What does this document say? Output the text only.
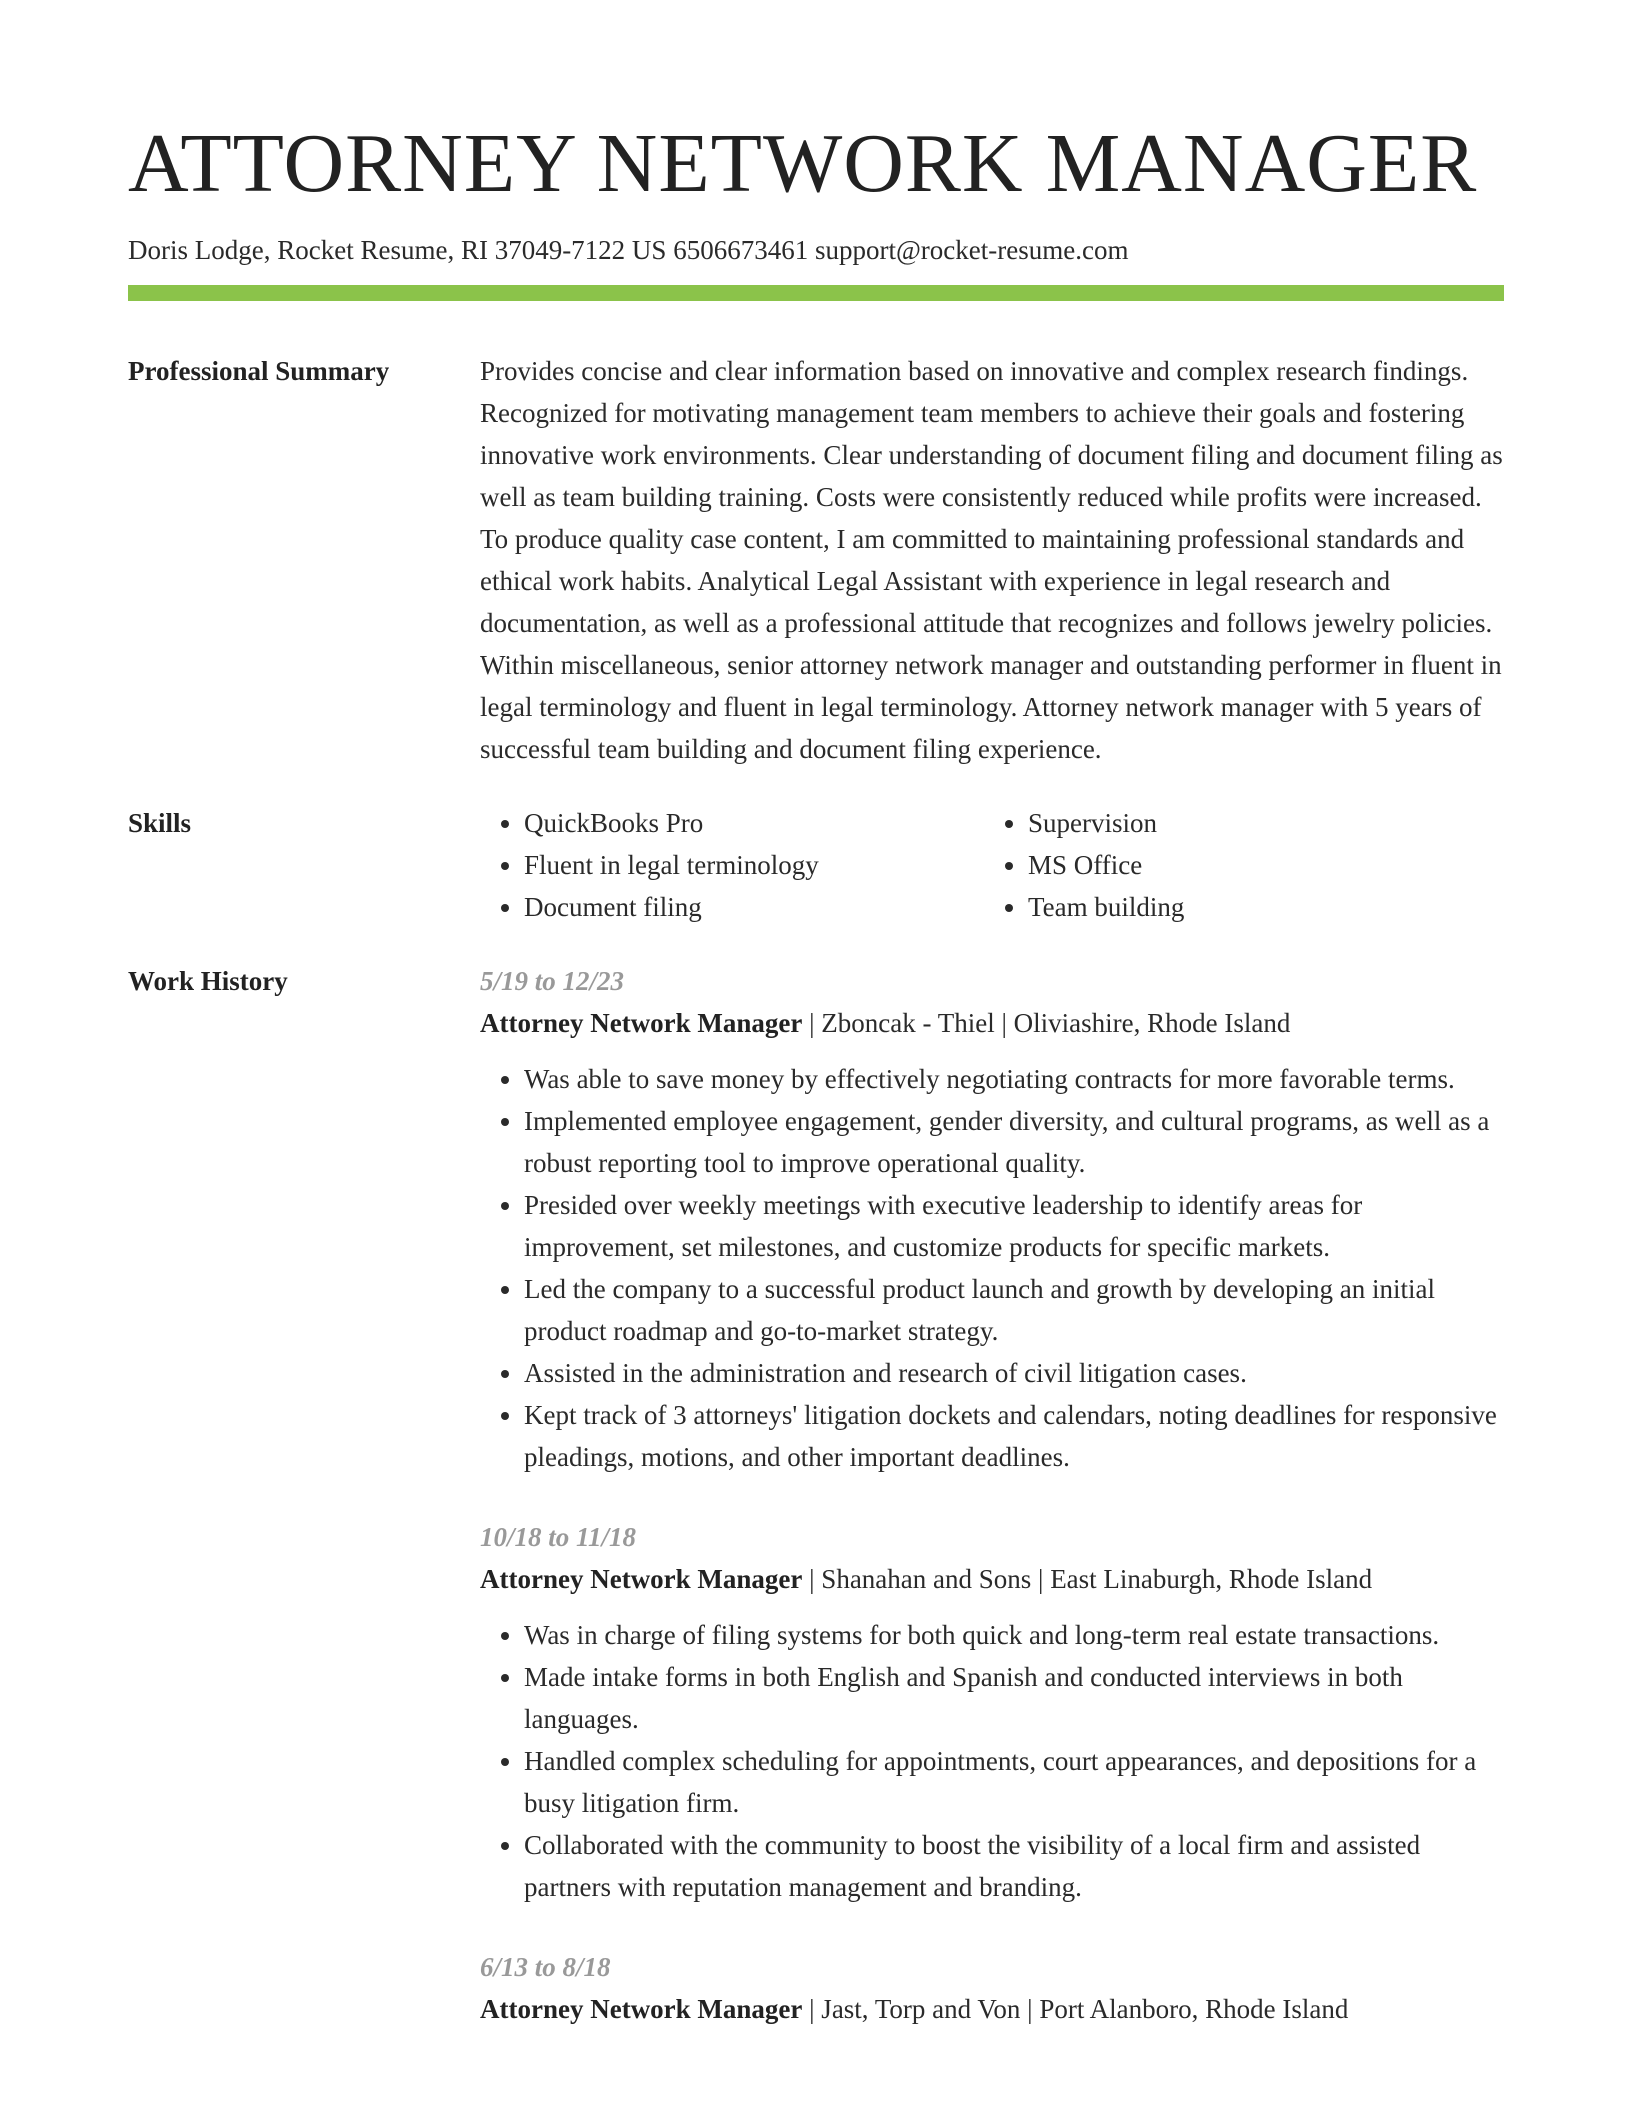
ATTORNEY NETWORK MANAGER
Doris Lodge, Rocket Resume, RI 37049-7122 US 6506673461 support@rocket-resume.com
Professional Summary	Provides concise and clear information based on innovative and complex research findings. Recognized for motivating management team members to achieve their goals and fostering innovative work environments. Clear understanding of document filing and document filing as well as team building training. Costs were consistently reduced while profits were increased. To produce quality case content, I am committed to maintaining professional standards and ethical work habits. Analytical Legal Assistant with experience in legal research and documentation, as well as a professional attitude that recognizes and follows jewelry policies. Within miscellaneous, senior attorney network manager and outstanding performer in fluent in legal terminology and fluent in legal terminology. Attorney network manager with 5 years of successful team building and document filing experience.

Skills
•	QuickBooks Pro
• Fluent in legal terminology
• Document filing
• Supervision
• MS Office
• Team building
Work History	5/19 to 12/23
Attorney Network Manager | Zboncak - Thiel | Oliviashire, Rhode Island
• Was able to save money by effectively negotiating contracts for more favorable terms.
• Implemented employee engagement, gender diversity, and cultural programs, as well as a robust reporting tool to improve operational quality.
• Presided over weekly meetings with executive leadership to identify areas for improvement, set milestones, and customize products for specific markets.
• Led the company to a successful product launch and growth by developing an initial product roadmap and go-to-market strategy.
• Assisted in the administration and research of civil litigation cases.
• Kept track of 3 attorneys' litigation dockets and calendars, noting deadlines for responsive pleadings, motions, and other important deadlines.
10/18 to 11/18
Attorney Network Manager | Shanahan and Sons | East Linaburgh, Rhode Island
• Was in charge of filing systems for both quick and long-term real estate transactions.
• Made intake forms in both English and Spanish and conducted interviews in both languages.
• Handled complex scheduling for appointments, court appearances, and depositions for a busy litigation firm.
• Collaborated with the community to boost the visibility of a local firm and assisted partners with reputation management and branding.
6/13 to 8/18
Attorney Network Manager | Jast, Torp and Von | Port Alanboro, Rhode Island
